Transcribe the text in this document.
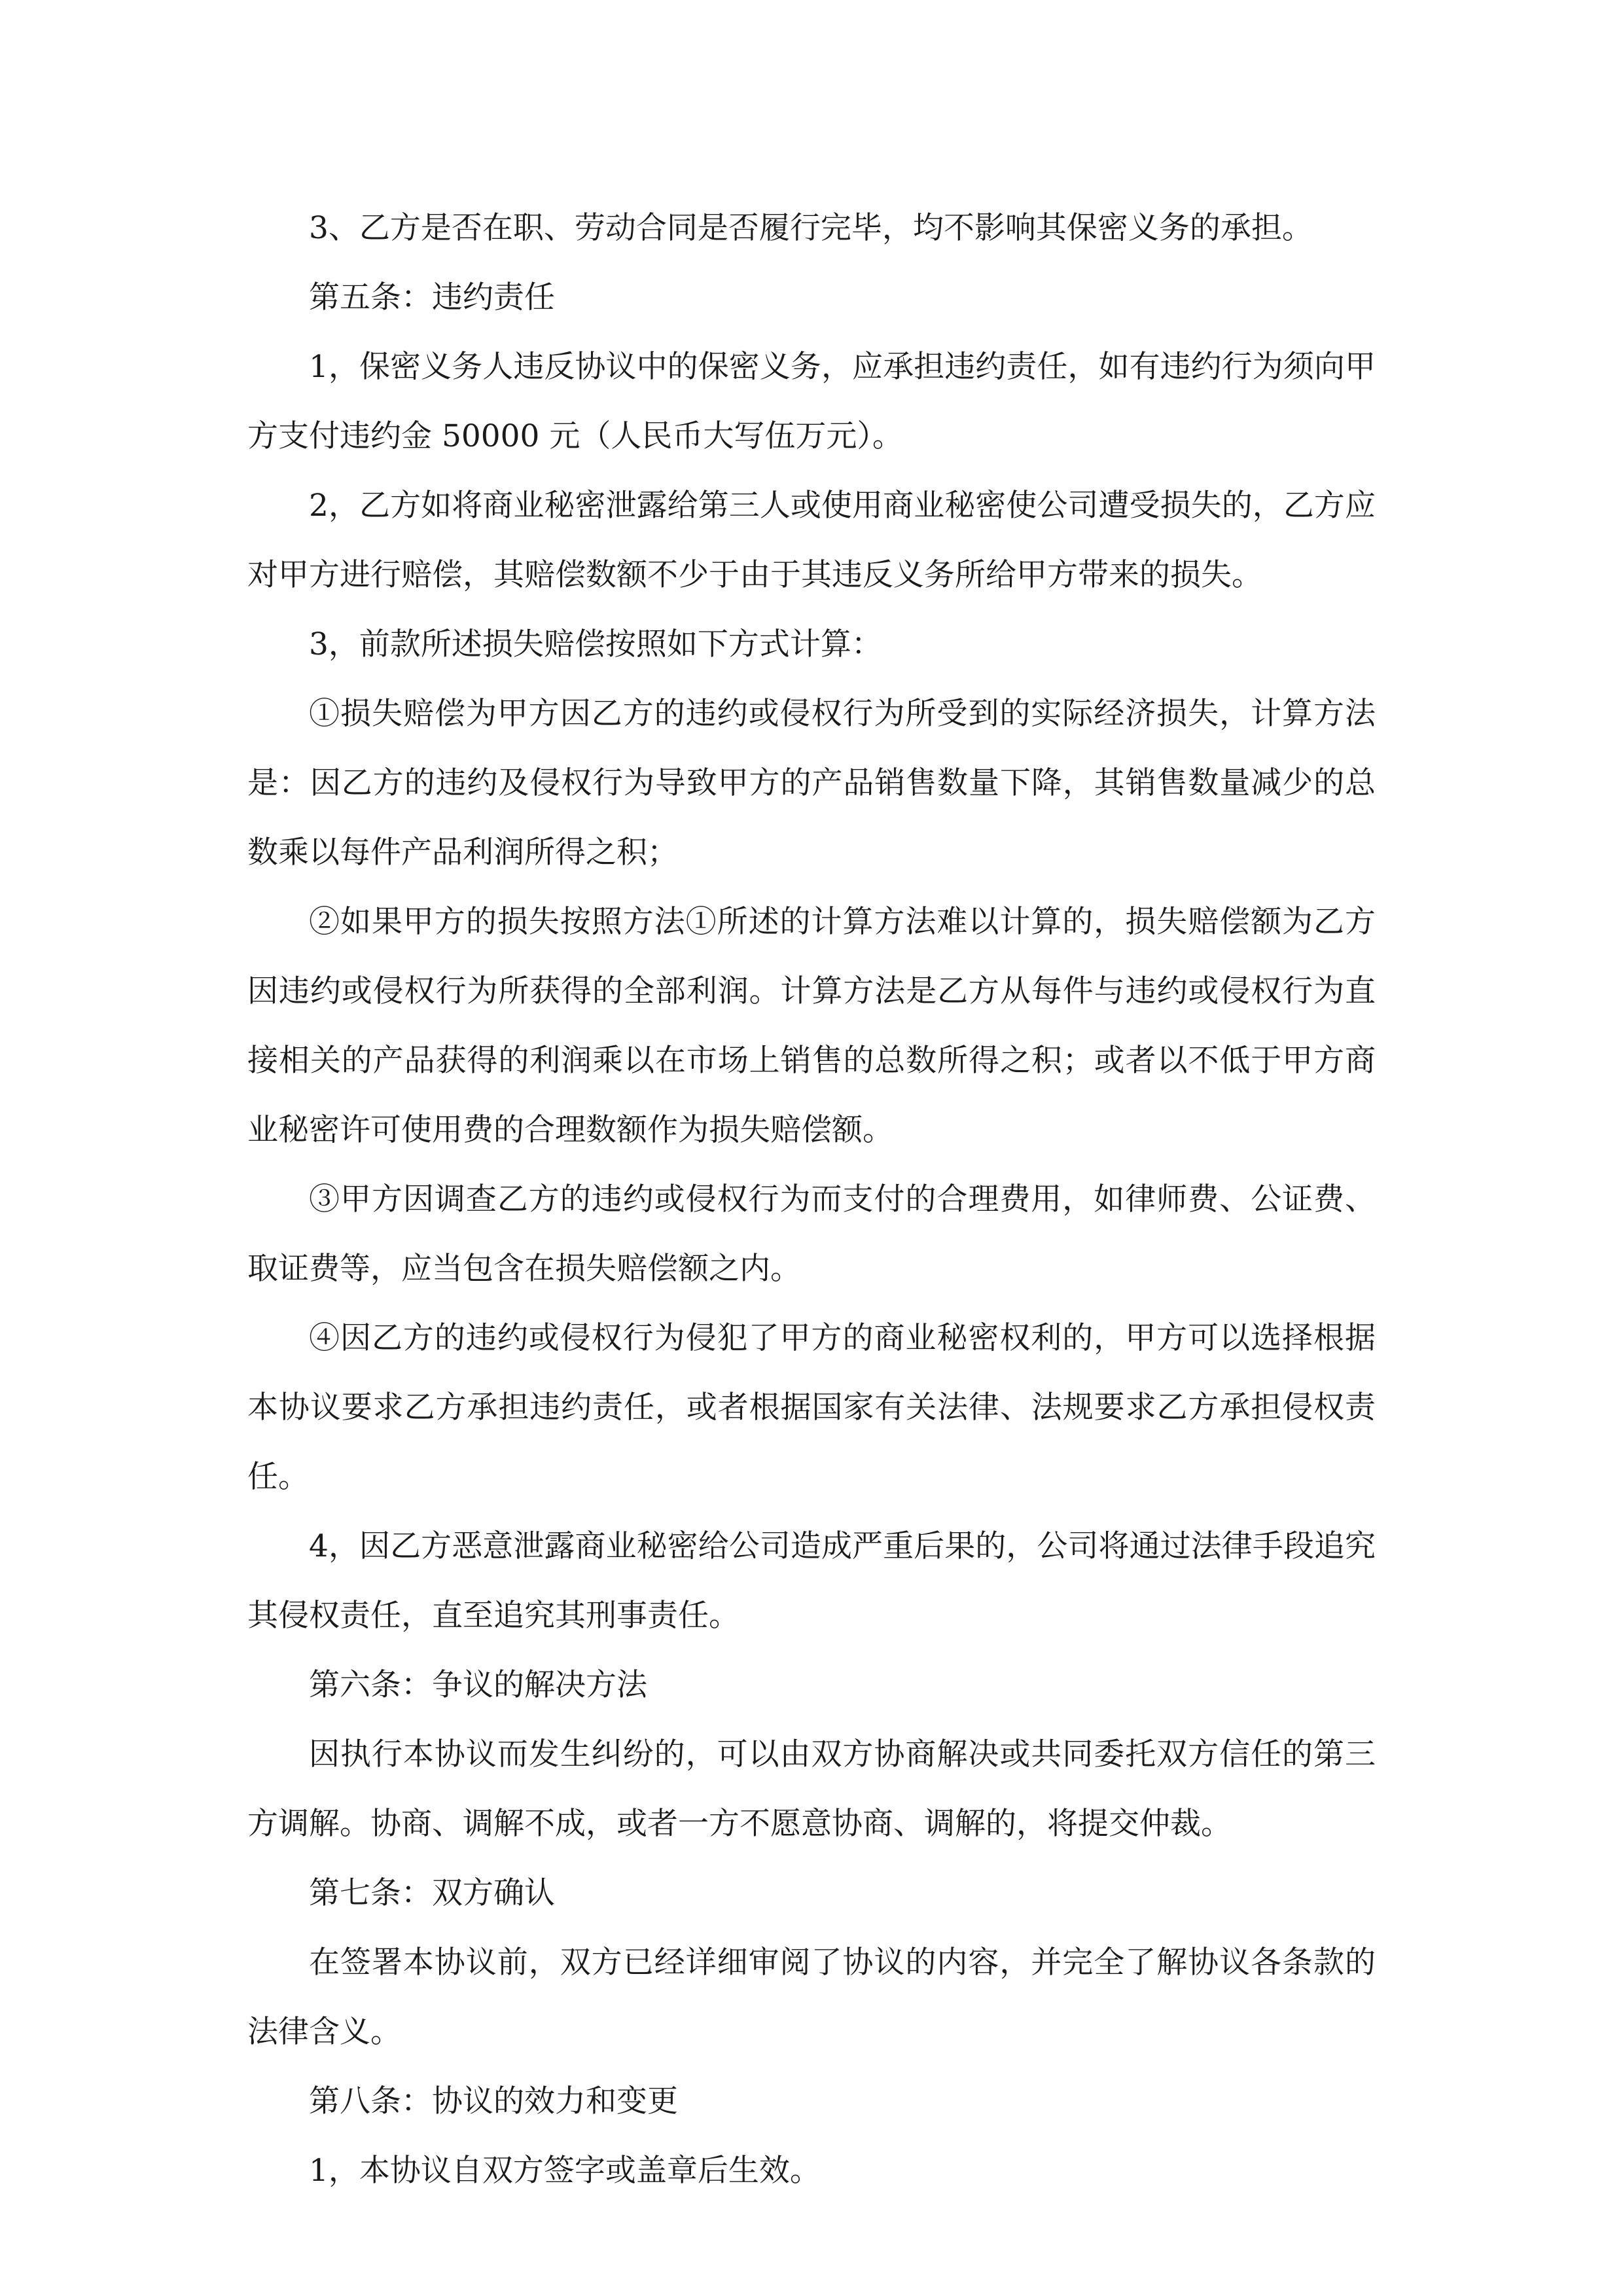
3、乙方是否在职、劳动合同是否履行完毕，均不影响其保密义务的承担。

第五条：违约责任

1，保密义务人违反协议中的保密义务，应承担违约责任，如有违约行为须向甲方支付违约金 50000 元（人民币大写伍万元）。

2，乙方如将商业秘密泄露给第三人或使用商业秘密使公司遭受损失的，乙方应对甲方进行赔偿，其赔偿数额不少于由于其违反义务所给甲方带来的损失。

3，前款所述损失赔偿按照如下方式计算：

①损失赔偿为甲方因乙方的违约或侵权行为所受到的实际经济损失，计算方法是：因乙方的违约及侵权行为导致甲方的产品销售数量下降，其销售数量减少的总数乘以每件产品利润所得之积；

②如果甲方的损失按照方法①所述的计算方法难以计算的，损失赔偿额为乙方因违约或侵权行为所获得的全部利润。计算方法是乙方从每件与违约或侵权行为直接相关的产品获得的利润乘以在市场上销售的总数所得之积；或者以不低于甲方商业秘密许可使用费的合理数额作为损失赔偿额。

③甲方因调查乙方的违约或侵权行为而支付的合理费用，如律师费、公证费、取证费等，应当包含在损失赔偿额之内。

④因乙方的违约或侵权行为侵犯了甲方的商业秘密权利的，甲方可以选择根据本协议要求乙方承担违约责任，或者根据国家有关法律、法规要求乙方承担侵权责任。

4，因乙方恶意泄露商业秘密给公司造成严重后果的，公司将通过法律手段追究其侵权责任，直至追究其刑事责任。

第六条：争议的解决方法

因执行本协议而发生纠纷的，可以由双方协商解决或共同委托双方信任的第三方调解。协商、调解不成，或者一方不愿意协商、调解的，将提交仲裁。

第七条：双方确认

在签署本协议前，双方已经详细审阅了协议的内容，并完全了解协议各条款的法律含义。

第八条：协议的效力和变更

1，本协议自双方签字或盖章后生效。
